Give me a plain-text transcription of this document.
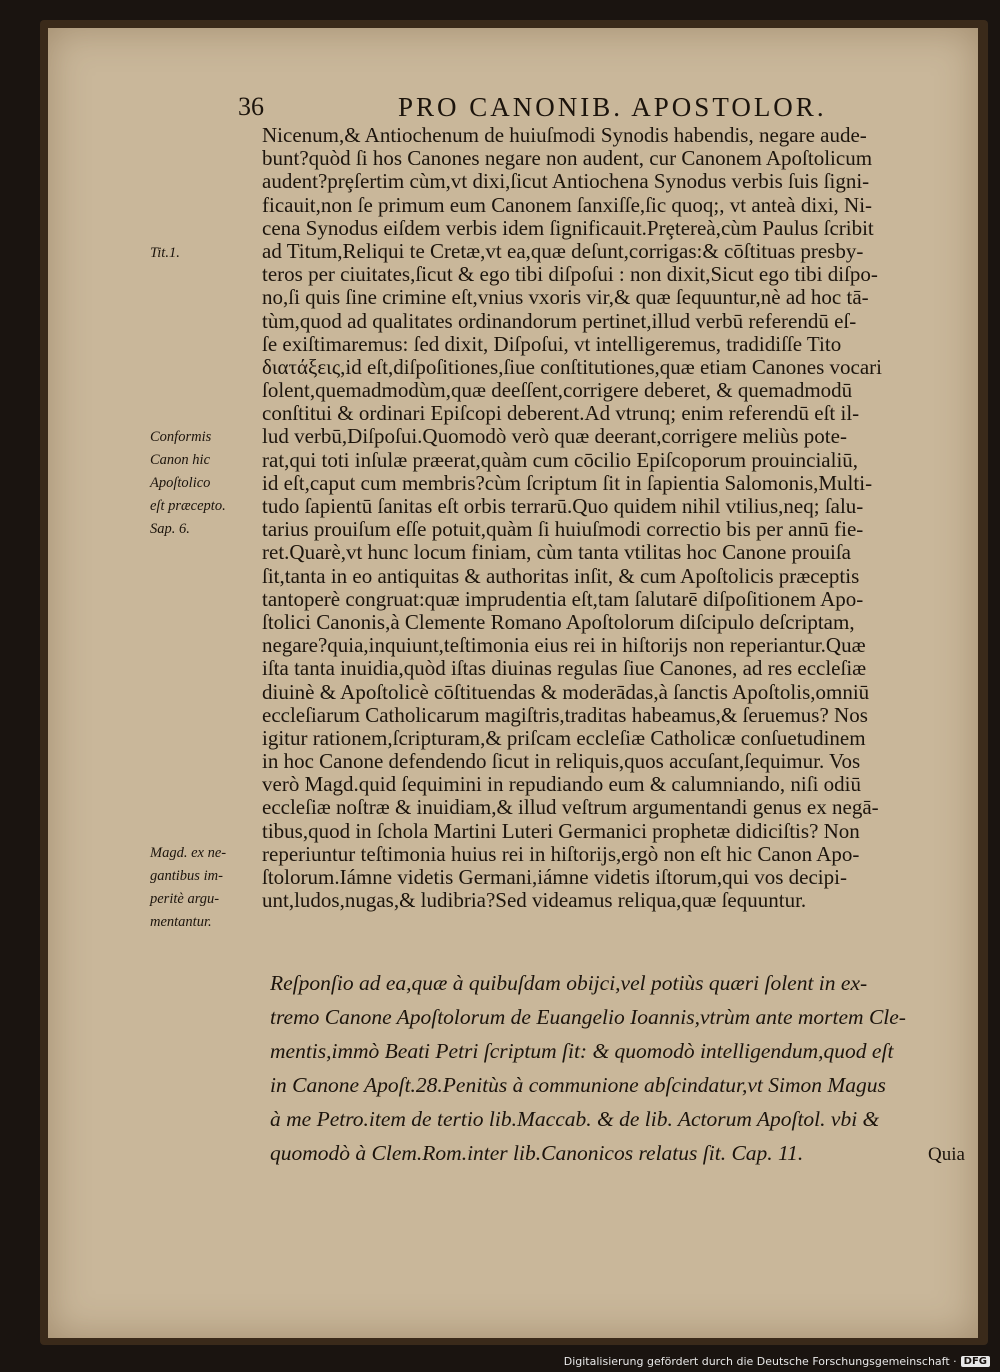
36	PRO CANONIB. APOSTOLOR.
Nicenum,& Antiochenum de huiuſmodi Synodis habendis, negare aude-
bunt?quòd ſi hos Canones negare non audent, cur Canonem Apoſtolicum
audent?prȩſertim cùm,vt dixi,ſicut Antiochena Synodus verbis ſuis ſigni-
ficauit,non ſe primum eum Canonem ſanxiſſe,ſic quoq;, vt anteà dixi, Ni-
cena Synodus eiſdem verbis idem ſignificauit.Prȩtereà,cùm Paulus ſcribit
ad Titum,Reliqui te Cretæ,vt ea,quæ deſunt,corrigas:& cōſtituas presby-
teros per ciuitates,ſicut & ego tibi diſpoſui : non dixit,Sicut ego tibi diſpo-
no,ſi quis ſine crimine eſt,vnius vxoris vir,& quæ ſequuntur,nè ad hoc tā-
tùm,quod ad qualitates ordinandorum pertinet,illud verbū referendū eſ-
ſe exiſtimaremus: ſed dixit, Diſpoſui, vt intelligeremus, tradidiſſe Tito
διατάξεις,id eſt,diſpoſitiones,ſiue conſtitutiones,quæ etiam Canones vocari
ſolent,quemadmodùm,quæ deeſſent,corrigere deberet, & quemadmodū
conſtitui & ordinari Epiſcopi deberent.Ad vtrunq; enim referendū eſt il-
lud verbū,Diſpoſui.Quomodò verò quæ deerant,corrigere meliùs pote-
rat,qui toti inſulæ præerat,quàm cum cōcilio Epiſcoporum prouincialiū,
id eſt,caput cum membris?cùm ſcriptum ſit in ſapientia Salomonis,Multi-
tudo ſapientū ſanitas eſt orbis terrarū.Quo quidem nihil vtilius,neq; ſalu-
tarius prouiſum eſſe potuit,quàm ſi huiuſmodi correctio bis per annū fie-
ret.Quarè,vt hunc locum finiam, cùm tanta vtilitas hoc Canone prouiſa
ſit,tanta in eo antiquitas & authoritas inſit, & cum Apoſtolicis præceptis
tantoperè congruat:quæ imprudentia eſt,tam ſalutarē diſpoſitionem Apo-
ſtolici Canonis,à Clemente Romano Apoſtolorum diſcipulo deſcriptam,
negare?quia,inquiunt,teſtimonia eius rei in hiſtorijs non reperiantur.Quæ
iſta tanta inuidia,quòd iſtas diuinas regulas ſiue Canones, ad res eccleſiæ
diuinè & Apoſtolicè cōſtituendas & moderādas,à ſanctis Apoſtolis,omniū
eccleſiarum Catholicarum magiſtris,traditas habeamus,& ſeruemus? Nos
igitur rationem,ſcripturam,& priſcam eccleſiæ Catholicæ conſuetudinem
in hoc Canone defendendo ſicut in reliquis,quos accuſant,ſequimur. Vos
verò Magd.quid ſequimini in repudiando eum & calumniando, niſi odiū
eccleſiæ noſtræ & inuidiam,& illud veſtrum argumentandi genus ex negā-
tibus,quod in ſchola Martini Luteri Germanici prophetæ didiciſtis? Non
reperiuntur teſtimonia huius rei in hiſtorijs,ergò non eſt hic Canon Apo-
ſtolorum.Iámne videtis Germani,iámne videtis iſtorum,qui vos decipi-
unt,ludos,nugas,& ludibria?Sed videamus reliqua,quæ ſequuntur.
Tit.1.
Conformis
Canon hic
Apoſtolico
eſt præcepto.
Sap. 6.
Magd. ex ne-
gantibus im-
peritè argu-
mentantur.
Reſponſio ad ea,quæ à quibuſdam obijci,vel potiùs quæri ſolent in ex-
tremo Canone Apoſtolorum de Euangelio Ioannis,vtrùm ante mortem Cle-
mentis,immò Beati Petri ſcriptum ſit: & quomodò intelligendum,quod eſt
in Canone Apoſt.28.Penitùs à communione abſcindatur,vt Simon Magus
à me Petro.item de tertio lib.Maccab. & de lib. Actorum Apoſtol. vbi &
quomodò à Clem.Rom.inter lib.Canonicos relatus ſit. Cap. 11.	Quia
Digitalisierung gefördert durch die Deutsche Forschungsgemeinschaft · DFG
